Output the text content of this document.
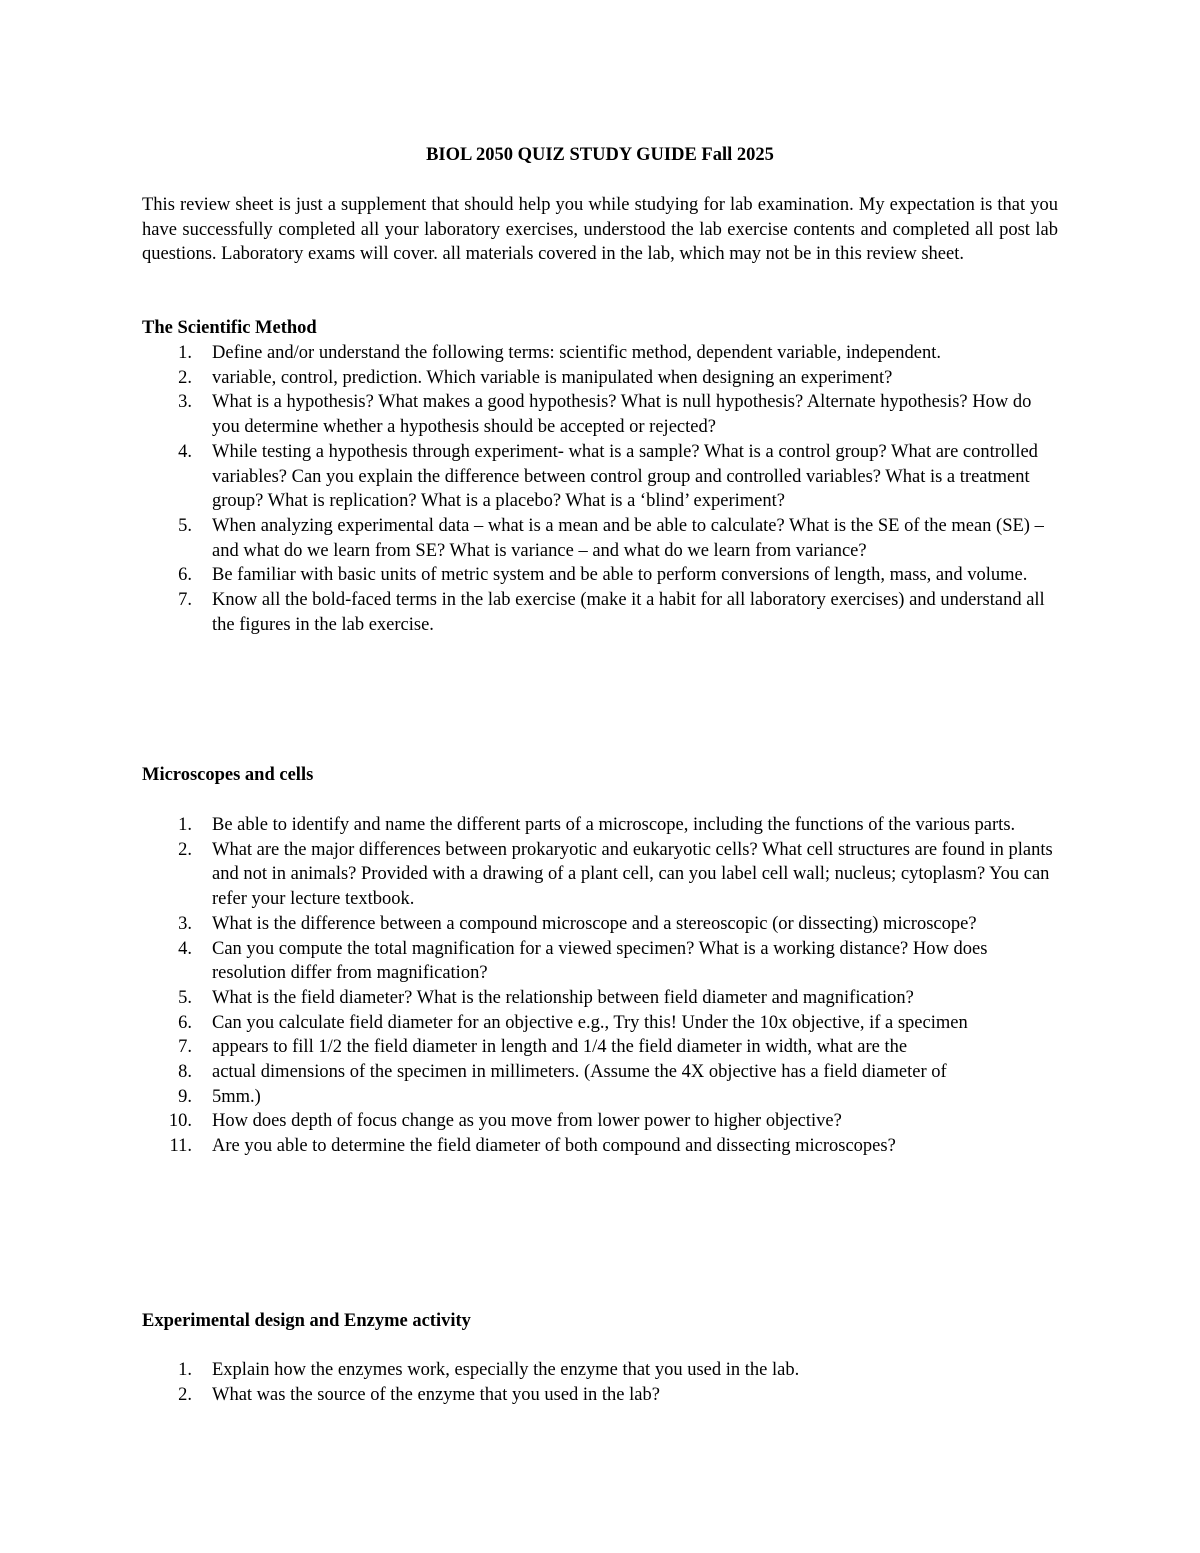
BIOL 2050 QUIZ STUDY GUIDE Fall 2025

This review sheet is just a supplement that should help you while studying for lab examination. My expectation is that you have successfully completed all your laboratory exercises, understood the lab exercise contents and completed all post lab questions. Laboratory exams will cover. all materials covered in the lab, which may not be in this review sheet.

The Scientific Method
1. Define and/or understand the following terms: scientific method, dependent variable, independent.
2. variable, control, prediction. Which variable is manipulated when designing an experiment?
3. What is a hypothesis? What makes a good hypothesis? What is null hypothesis? Alternate hypothesis? How do you determine whether a hypothesis should be accepted or rejected?
4. While testing a hypothesis through experiment- what is a sample? What is a control group? What are controlled variables? Can you explain the difference between control group and controlled variables? What is a treatment group? What is replication? What is a placebo? What is a ‘blind’ experiment?
5. When analyzing experimental data – what is a mean and be able to calculate? What is the SE of the mean (SE) – and what do we learn from SE? What is variance – and what do we learn from variance?
6. Be familiar with basic units of metric system and be able to perform conversions of length, mass, and volume.
7. Know all the bold-faced terms in the lab exercise (make it a habit for all laboratory exercises) and understand all the figures in the lab exercise.
Microscopes and cells
1. Be able to identify and name the different parts of a microscope, including the functions of the various parts.
2. What are the major differences between prokaryotic and eukaryotic cells? What cell structures are found in plants and not in animals? Provided with a drawing of a plant cell, can you label cell wall; nucleus; cytoplasm? You can refer your lecture textbook.
3. What is the difference between a compound microscope and a stereoscopic (or dissecting) microscope?
4. Can you compute the total magnification for a viewed specimen? What is a working distance? How does resolution differ from magnification?
5. What is the field diameter? What is the relationship between field diameter and magnification?
6. Can you calculate field diameter for an objective e.g., Try this! Under the 10x objective, if a specimen
7. appears to fill 1/2 the field diameter in length and 1/4 the field diameter in width, what are the
8. actual dimensions of the specimen in millimeters. (Assume the 4X objective has a field diameter of
9. 5mm.)
10. How does depth of focus change as you move from lower power to higher objective?
11. Are you able to determine the field diameter of both compound and dissecting microscopes?
Experimental design and Enzyme activity
1. Explain how the enzymes work, especially the enzyme that you used in the lab.
2. What was the source of the enzyme that you used in the lab?
